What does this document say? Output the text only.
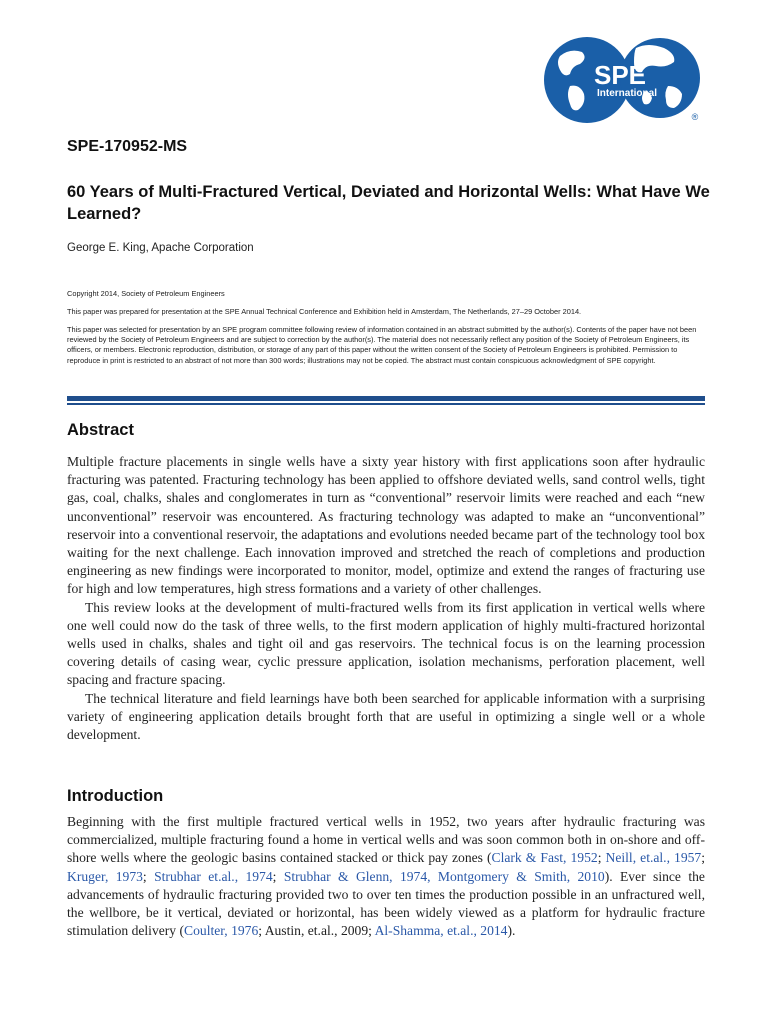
SPE
International
®
SPE-170952-MS
60 Years of Multi-Fractured Vertical, Deviated and Horizontal Wells: What Have We Learned?
George E. King, Apache Corporation
Copyright 2014, Society of Petroleum Engineers
This paper was prepared for presentation at the SPE Annual Technical Conference and Exhibition held in Amsterdam, The Netherlands, 27–29 October 2014.
This paper was selected for presentation by an SPE program committee following review of information contained in an abstract submitted by the author(s). Contents of the paper have not been reviewed by the Society of Petroleum Engineers and are subject to correction by the author(s). The material does not necessarily reflect any position of the Society of Petroleum Engineers, its officers, or members. Electronic reproduction, distribution, or storage of any part of this paper without the written consent of the Society of Petroleum Engineers is prohibited. Permission to reproduce in print is restricted to an abstract of not more than 300 words; illustrations may not be copied. The abstract must contain conspicuous acknowledgment of SPE copyright.
Abstract

Multiple fracture placements in single wells have a sixty year history with first applications soon after hydraulic fracturing was patented. Fracturing technology has been applied to offshore deviated wells, sand control wells, tight gas, coal, chalks, shales and conglomerates in turn as “conventional” reservoir limits were reached and each “new unconventional” reservoir was encountered. As fracturing technology was adapted to make an “unconventional” reservoir into a conventional reservoir, the adaptations and evolutions needed became part of the technology tool box waiting for the next challenge. Each innovation improved and stretched the reach of completions and production engineering as new findings were incorporated to monitor, model, optimize and extend the ranges of fracturing use for high and low temperatures, high stress formations and a variety of other challenges.

This review looks at the development of multi-fractured wells from its first application in vertical wells where one well could now do the task of three wells, to the first modern application of highly multi-fractured horizontal wells used in chalks, shales and tight oil and gas reservoirs. The technical focus is on the learning procession covering details of casing wear, cyclic pressure application, isolation mechanisms, perforation placement, well spacing and fracture spacing.

The technical literature and field learnings have both been searched for applicable information with a surprising variety of engineering application details brought forth that are useful in optimizing a single well or a whole development.

Introduction

Beginning with the first multiple fractured vertical wells in 1952, two years after hydraulic fracturing was commercialized, multiple fracturing found a home in vertical wells and was soon common both in on-shore and off-shore wells where the geologic basins contained stacked or thick pay zones (Clark & Fast, 1952; Neill, et.al., 1957; Kruger, 1973; Strubhar et.al., 1974; Strubhar & Glenn, 1974, Montgomery & Smith, 2010). Ever since the advancements of hydraulic fracturing provided two to over ten times the production possible in an unfractured well, the wellbore, be it vertical, deviated or horizontal, has been widely viewed as a platform for hydraulic fracture stimulation delivery (Coulter, 1976; Austin, et.al., 2009; Al-Shamma, et.al., 2014).
